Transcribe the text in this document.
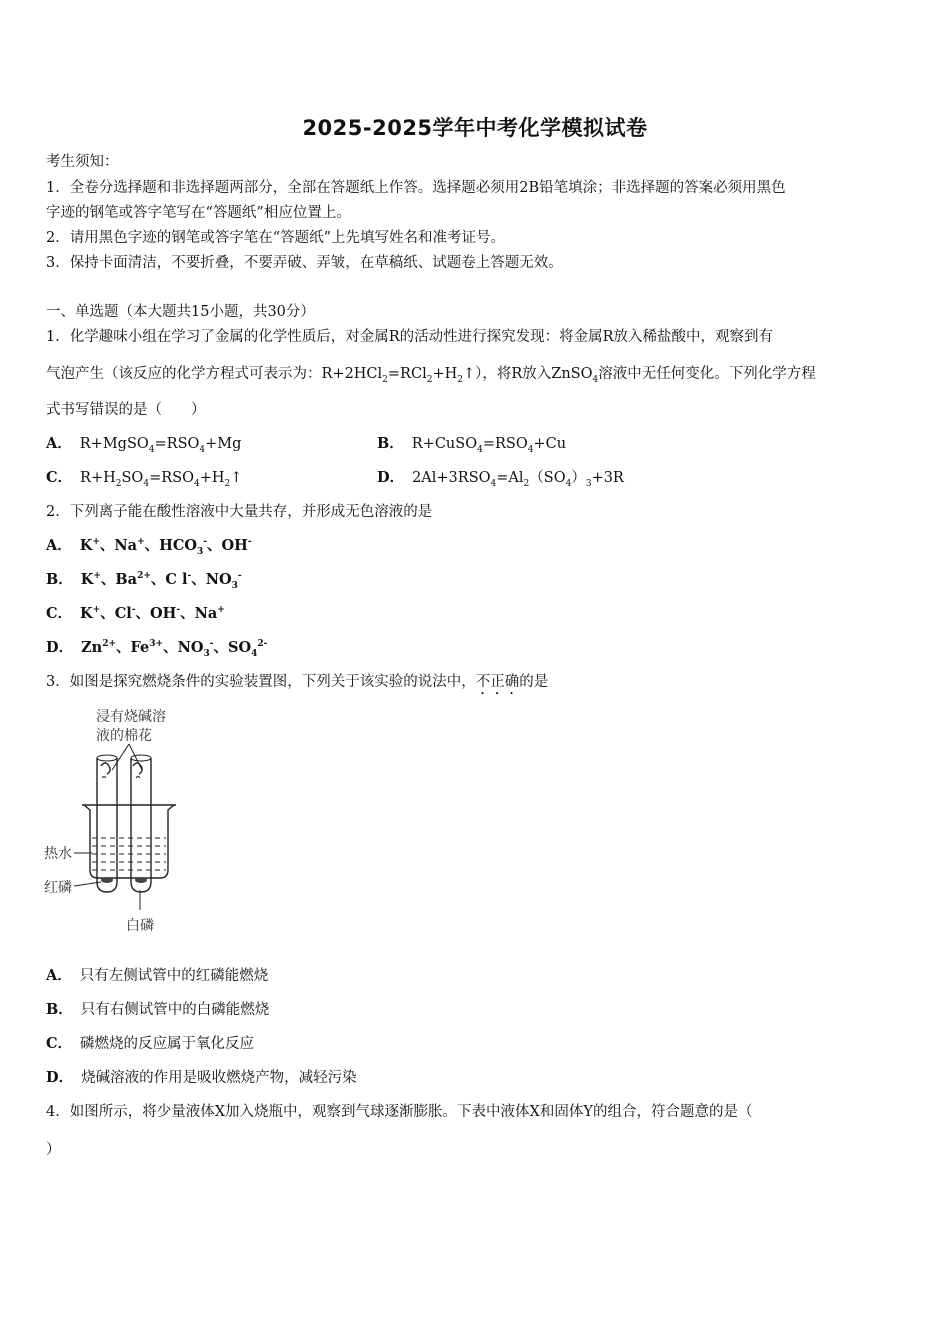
2025-2025学年中考化学模拟试卷
考生须知：
1．全卷分选择题和非选择题两部分，全部在答题纸上作答。选择题必须用2B铅笔填涂；非选择题的答案必须用黑色
字迹的钢笔或答字笔写在“答题纸”相应位置上。
2．请用黑色字迹的钢笔或答字笔在“答题纸”上先填写姓名和准考证号。
3．保持卡面清洁，不要折叠，不要弄破、弄皱，在草稿纸、试题卷上答题无效。
一、单选题（本大题共15小题，共30分）
1．化学趣味小组在学习了金属的化学性质后，对金属R的活动性进行探究发现：将金属R放入稀盐酸中，观察到有
气泡产生（该反应的化学方程式可表示为：$R+2HCl_2=RCl_2+H_2↑$），将R放入ZnSO$_4$溶液中无任何变化。下列化学方程
式书写错误的是（　　）
A． $R+MgSO_4=RSO_4+Mg$	B． $R+CuSO_4=RSO_4+Cu$
C． $R+H_2SO_4=RSO_4+H_2↑$	D． $2Al+3RSO_4=Al_2(SO_4)_3+3R$
2．下列离子能在酸性溶液中大量共存，并形成无色溶液的是
A． K+、Na+、$HCO_3^-$、OH-
B． K+、$Ba^{2+}$、C l-、$NO_3^-$
C． K+、Cl-、OH-、Na+
D． $Zn^{2+}$、$Fe^{3+}$、$NO_3^-$、$SO_4^{2-}$
3．如图是探究燃烧条件的实验装置图，下列关于该实验的说法中，不正确的是
浸有烧碱溶
液的棉花
热水
红磷
白磷
A． 只有左侧试管中的红磷能燃烧
B． 只有右侧试管中的白磷能燃烧
C． 磷燃烧的反应属于氧化反应
D． 烧碱溶液的作用是吸收燃烧产物，减轻污染
4．如图所示，将少量液体X加入烧瓶中，观察到气球逐渐膨胀。下表中液体X和固体Y的组合，符合题意的是（
）
